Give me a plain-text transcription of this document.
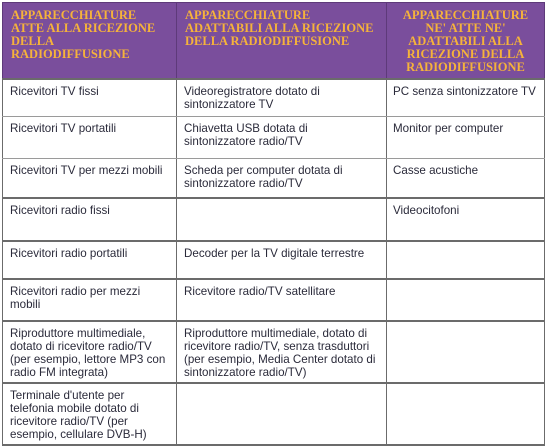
APPARECCHIATURE ATTE ALLA RICEZIONE DELLA RADIODIFFUSIONE	APPARECCHIATURE ADATTABILI ALLA RICEZIONE DELLA RADIODIFFUSIONE	APPARECCHIATURE NE' ATTE NE' ADATTABILI ALLA RICEZIONE DELLA RADIODIFFUSIONE
Ricevitori TV fissi	Videoregistratore dotato di sintonizzatore TV	PC senza sintonizzatore TV
Ricevitori TV portatili	Chiavetta USB dotata di sintonizzatore radio/TV	Monitor per computer
Ricevitori TV per mezzi mobili	Scheda per computer dotata di sintonizzatore radio/TV	Casse acustiche
Ricevitori radio fissi		Videocitofoni
Ricevitori radio portatili	Decoder per la TV digitale terrestre	
Ricevitori radio per mezzi mobili	Ricevitore radio/TV satellitare	
Riproduttore multimediale, dotato di ricevitore radio/TV (per esempio, lettore MP3 con radio FM integrata)	Riproduttore multimediale, dotato di ricevitore radio/TV, senza trasduttori (per esempio, Media Center dotato di sintonizzatore radio/TV)	
Terminale d'utente per telefonia mobile dotato di ricevitore radio/TV (per esempio, cellulare DVB-H)		
